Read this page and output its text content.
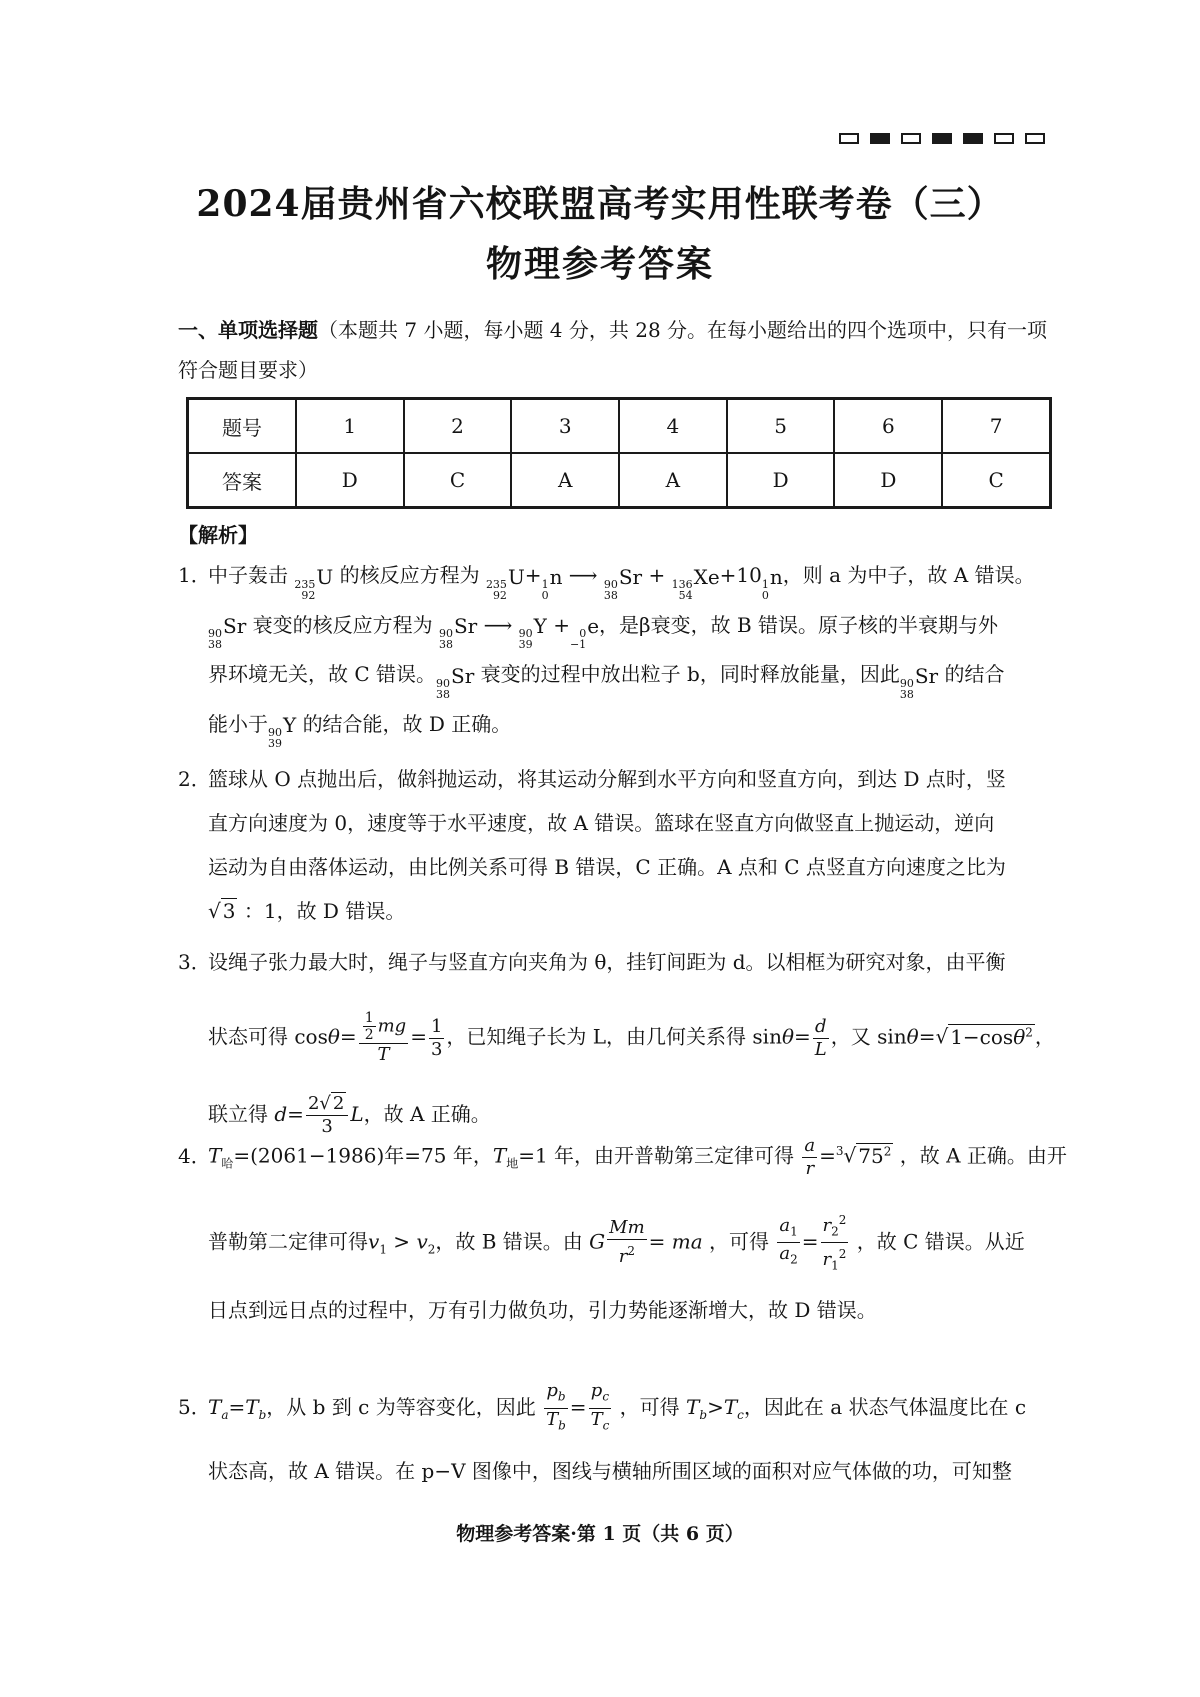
2024届贵州省六校联盟高考实用性联考卷（三）
物理参考答案
一、单项选择题（本题共 7 小题，每小题 4 分，共 28 分。在每小题给出的四个选项中，只有一项符合题目要求）
题号	1	2	3	4	5	6	7
答案	D	C	A	A	D	D	C
【解析】
1．中子轰击 235
92
U 的核反应方程为 235
92
U+ 1
0
n ⟶ 90
38
Sr + 136
54
Xe+10 1
0
n，则 a 为中子，故 A 错误。
90
38
Sr 衰变的核反应方程为 90
38
Sr ⟶ 90
39
Y + 0
−1
e，是β衰变，故 B 错误。原子核的半衰期与外
界环境无关，故 C 错误。 90
38
Sr 衰变的过程中放出粒子 b，同时释放能量，因此 90
38
Sr 的结合
能小于 90
39
Y 的结合能，故 D 正确。
2．篮球从 O 点抛出后，做斜抛运动，将其运动分解到水平方向和竖直方向，到达 D 点时，竖
直方向速度为 0，速度等于水平速度，故 A 错误。篮球在竖直方向做竖直上抛运动，逆向
运动为自由落体运动，由比例关系可得 B 错误，C 正确。A 点和 C 点竖直方向速度之比为
√ 3 ：1，故 D 错误。
3．设绳子张力最大时，绳子与竖直方向夹角为 θ，挂钉间距为 d。以相框为研究对象，由平衡
状态可得 $\cos\theta= \frac{\frac{1}{2} mg}{T} = \frac{1}{3}$ ，已知绳子长为 L，由几何关系得 $\sin\theta= \frac{d}{L}$ ，又 sinθ=√ 1−cosθ$^2$ ，
联立得 $d= \frac{2√ 2}{3}$ L，故 A 正确。
4．$T_哈=(2061-1986)$年=75 年，$T_地=1$ 年，由开普勒第三定律可得 $\frac{a}{r} =^3√$ $75^2$ ，故 A 正确。由开
普勒第二定律可得$v_1 > v_2$，故 B 错误。由 G $\frac{Mm}{r^2}$ = ma ，可得 $\frac{a_1}{a_2} = \frac{r_2^2}{r_1^2}$ ，故 C 错误。从近
日点到远日点的过程中，万有引力做负功，引力势能逐渐增大，故 D 错误。
5．$T_a=T_b$，从 b 到 c 为等容变化，因此 $\frac{p_b}{T_b} = \frac{p_c}{T_c}$ ，可得 $T_b>T_c$，因此在 a 状态气体温度比在 c
状态高，故 A 错误。在 p−V 图像中，图线与横轴所围区域的面积对应气体做的功，可知整
物理参考答案·第 1 页（共 6 页）
